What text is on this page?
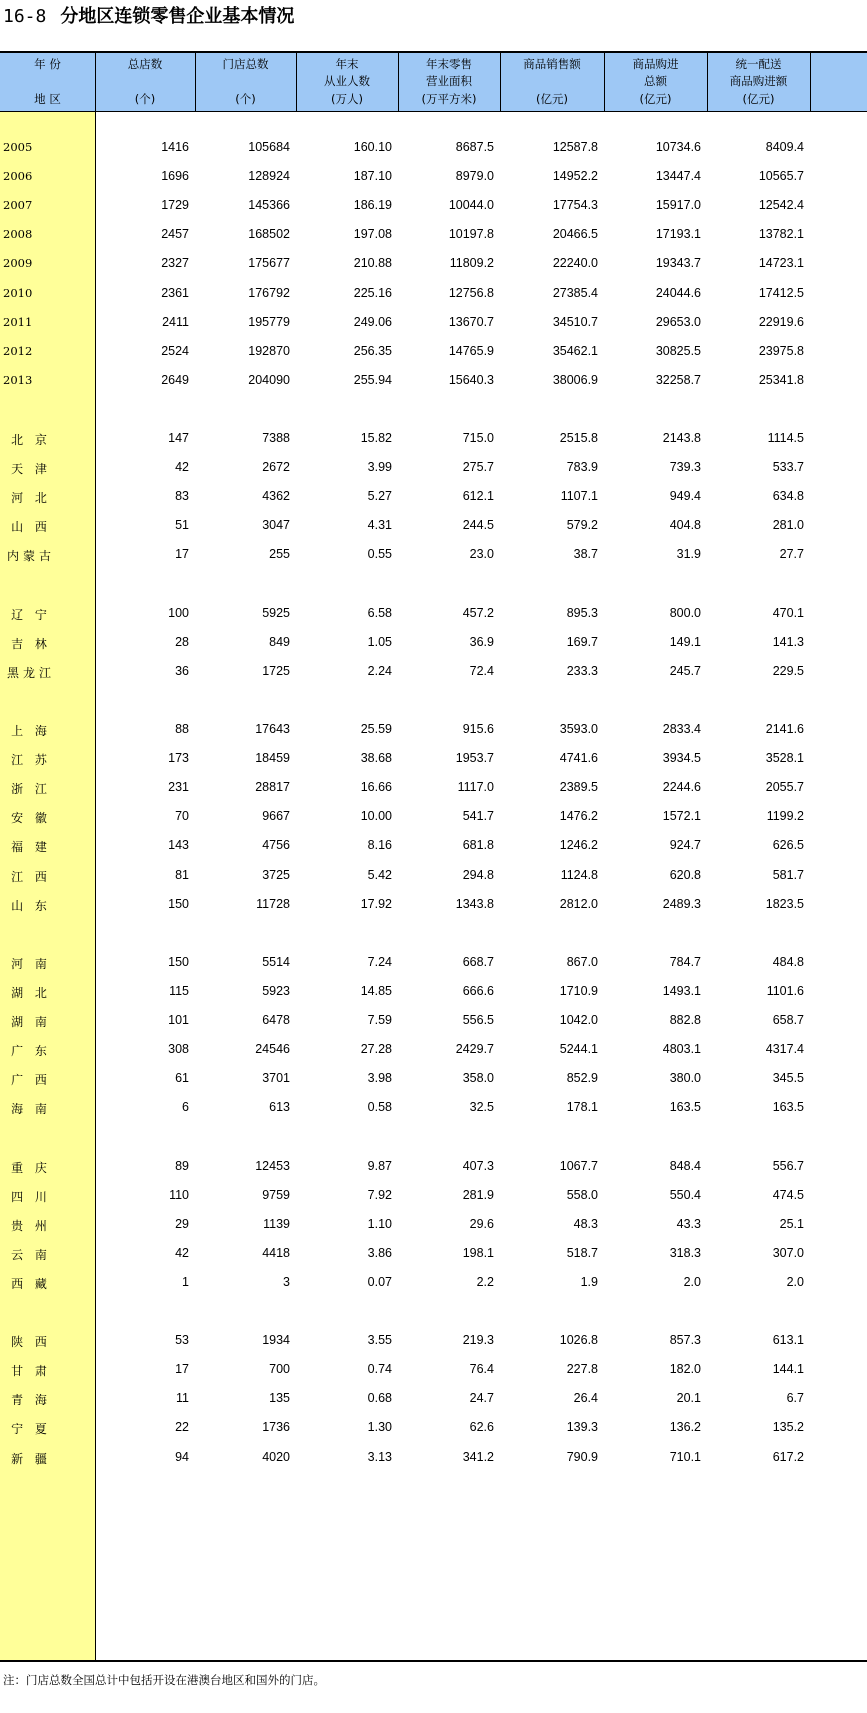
16-8 分地区连锁零售企业基本情况
年 份
地 区
总店数
(个)
门店总数
(个)
年末
从业人数
(万人)
年末零售
营业面积
(万平方米)
商品销售额
(亿元)
商品购进
总额
(亿元)
统一配送
商品购进额
(亿元)
2005	1416	105684	160.10	8687.5	12587.8	10734.6	8409.4
2006	1696	128924	187.10	8979.0	14952.2	13447.4	10565.7
2007	1729	145366	186.19	10044.0	17754.3	15917.0	12542.4
2008	2457	168502	197.08	10197.8	20466.5	17193.1	13782.1
2009	2327	175677	210.88	11809.2	22240.0	19343.7	14723.1
2010	2361	176792	225.16	12756.8	27385.4	24044.6	17412.5
2011	2411	195779	249.06	13670.7	34510.7	29653.0	22919.6
2012	2524	192870	256.35	14765.9	35462.1	30825.5	23975.8
2013	2649	204090	255.94	15640.3	38006.9	32258.7	25341.8
北 京	147	7388	15.82	715.0	2515.8	2143.8	1114.5
天 津	42	2672	3.99	275.7	783.9	739.3	533.7
河 北	83	4362	5.27	612.1	1107.1	949.4	634.8
山 西	51	3047	4.31	244.5	579.2	404.8	281.0
内蒙古	17	255	0.55	23.0	38.7	31.9	27.7
辽 宁	100	5925	6.58	457.2	895.3	800.0	470.1
吉 林	28	849	1.05	36.9	169.7	149.1	141.3
黑龙江	36	1725	2.24	72.4	233.3	245.7	229.5
上 海	88	17643	25.59	915.6	3593.0	2833.4	2141.6
江 苏	173	18459	38.68	1953.7	4741.6	3934.5	3528.1
浙 江	231	28817	16.66	1117.0	2389.5	2244.6	2055.7
安 徽	70	9667	10.00	541.7	1476.2	1572.1	1199.2
福 建	143	4756	8.16	681.8	1246.2	924.7	626.5
江 西	81	3725	5.42	294.8	1124.8	620.8	581.7
山 东	150	11728	17.92	1343.8	2812.0	2489.3	1823.5
河 南	150	5514	7.24	668.7	867.0	784.7	484.8
湖 北	115	5923	14.85	666.6	1710.9	1493.1	1101.6
湖 南	101	6478	7.59	556.5	1042.0	882.8	658.7
广 东	308	24546	27.28	2429.7	5244.1	4803.1	4317.4
广 西	61	3701	3.98	358.0	852.9	380.0	345.5
海 南	6	613	0.58	32.5	178.1	163.5	163.5
重 庆	89	12453	9.87	407.3	1067.7	848.4	556.7
四 川	110	9759	7.92	281.9	558.0	550.4	474.5
贵 州	29	1139	1.10	29.6	48.3	43.3	25.1
云 南	42	4418	3.86	198.1	518.7	318.3	307.0
西 藏	1	3	0.07	2.2	1.9	2.0	2.0
陕 西	53	1934	3.55	219.3	1026.8	857.3	613.1
甘 肃	17	700	0.74	76.4	227.8	182.0	144.1
青 海	11	135	0.68	24.7	26.4	20.1	6.7
宁 夏	22	1736	1.30	62.6	139.3	136.2	135.2
新 疆	94	4020	3.13	341.2	790.9	710.1	617.2
注：门店总数全国总计中包括开设在港澳台地区和国外的门店。
